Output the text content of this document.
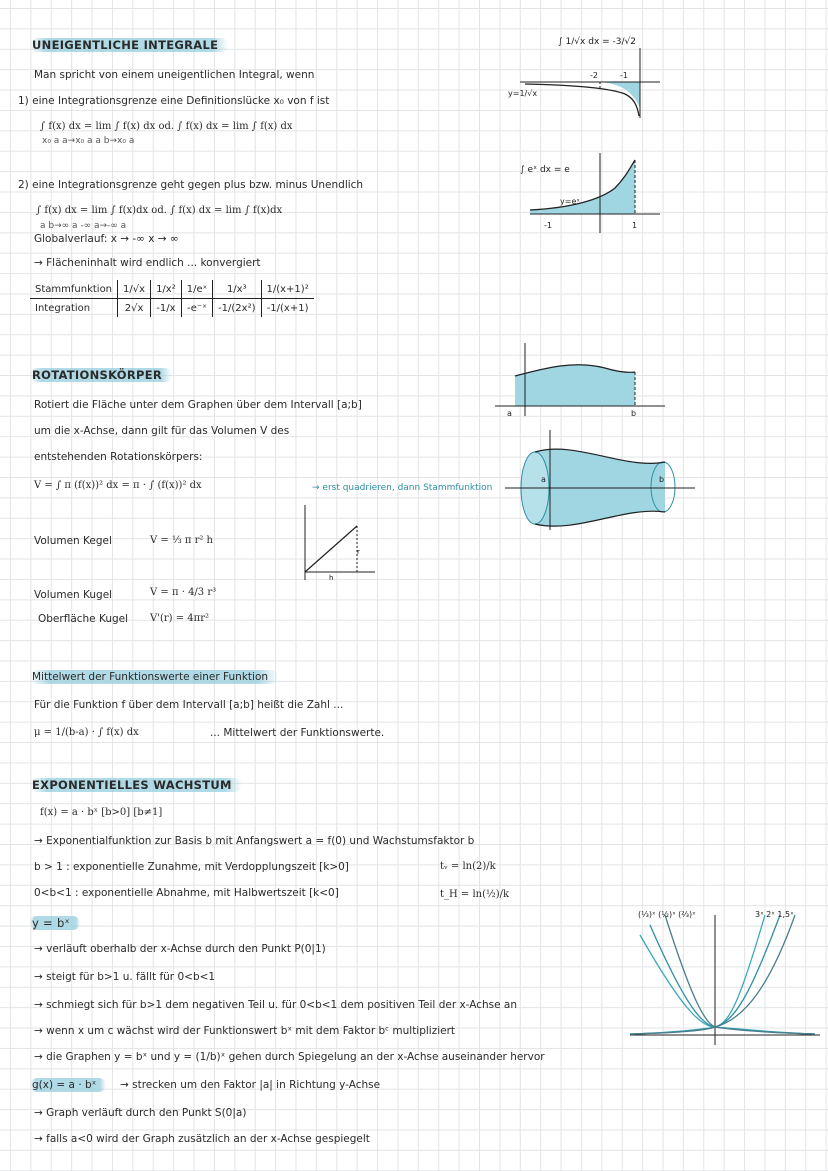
UNEIGENTLICHE INTEGRALE
Man spricht von einem uneigentlichen Integral, wenn
1) eine Integrationsgrenze eine Definitionslücke x₀ von f ist
∫ f(x) dx = lim ∫ f(x) dx od. ∫ f(x) dx = lim ∫ f(x) dx
x₀ a a→x₀ a a b→x₀ a
2) eine Integrationsgrenze geht gegen plus bzw. minus Unendlich
∫ f(x) dx = lim ∫ f(x)dx od. ∫ f(x) dx = lim ∫ f(x)dx
a b→∞ a -∞ a→-∞ a
Globalverlauf: x → -∞ x → ∞
→ Flächeninhalt wird endlich ... konvergiert
Stammfunktion	1/√x	1/x²	1/eˣ	1/x³	1/(x+1)²
Integration	2√x	-1/x	-e⁻ˣ	-1/(2x²)	-1/(x+1)
∫ 1/√x dx = -3/√2
-2	-1
y=1/√x
∫ eˣ dx = e
y=eˣ
-1	1
ROTATIONSKÖRPER
Rotiert die Fläche unter dem Graphen über dem Intervall [a;b]
um die x-Achse, dann gilt für das Volumen V des
entstehenden Rotationskörpers:
V = ∫ π (f(x))² dx = π · ∫ (f(x))² dx	→ erst quadrieren, dann Stammfunktion
Volumen Kegel	V = ⅓ π r² h
Volumen Kugel	V = π · 4/3 r³
Oberfläche Kugel V'(r) = 4πr²
r
h
a	b
a	b
Mittelwert der Funktionswerte einer Funktion
Für die Funktion f über dem Intervall [a;b] heißt die Zahl ...
μ = 1/(b-a) · ∫ f(x) dx	... Mittelwert der Funktionswerte.
EXPONENTIELLES WACHSTUM
f(x) = a · bˣ [b>0] [b≠1]
→ Exponentialfunktion zur Basis b mit Anfangswert a = f(0) und Wachstumsfaktor b
b > 1 : exponentielle Zunahme, mit Verdopplungszeit [k>0]	tᵥ = ln(2)/k
0<b<1 : exponentielle Abnahme, mit Halbwertszeit [k<0]	t_H = ln(½)/k
y = bˣ
→ verläuft oberhalb der x-Achse durch den Punkt P(0|1)
→ steigt für b>1 u. fällt für 0<b<1
→ schmiegt sich für b>1 dem negativen Teil u. für 0<b<1 dem positiven Teil der x-Achse an
→ wenn x um c wächst wird der Funktionswert bˣ mit dem Faktor bᶜ multipliziert
→ die Graphen y = bˣ und y = (1/b)ˣ gehen durch Spiegelung an der x-Achse auseinander hervor
g(x) = a · bˣ	→ strecken um den Faktor |a| in Richtung y-Achse
→ Graph verläuft durch den Punkt S(0|a)
→ falls a<0 wird der Graph zusätzlich an der x-Achse gespiegelt
(⅓)ˣ (½)ˣ (⅔)ˣ	3ˣ 2ˣ 1,5ˣ
